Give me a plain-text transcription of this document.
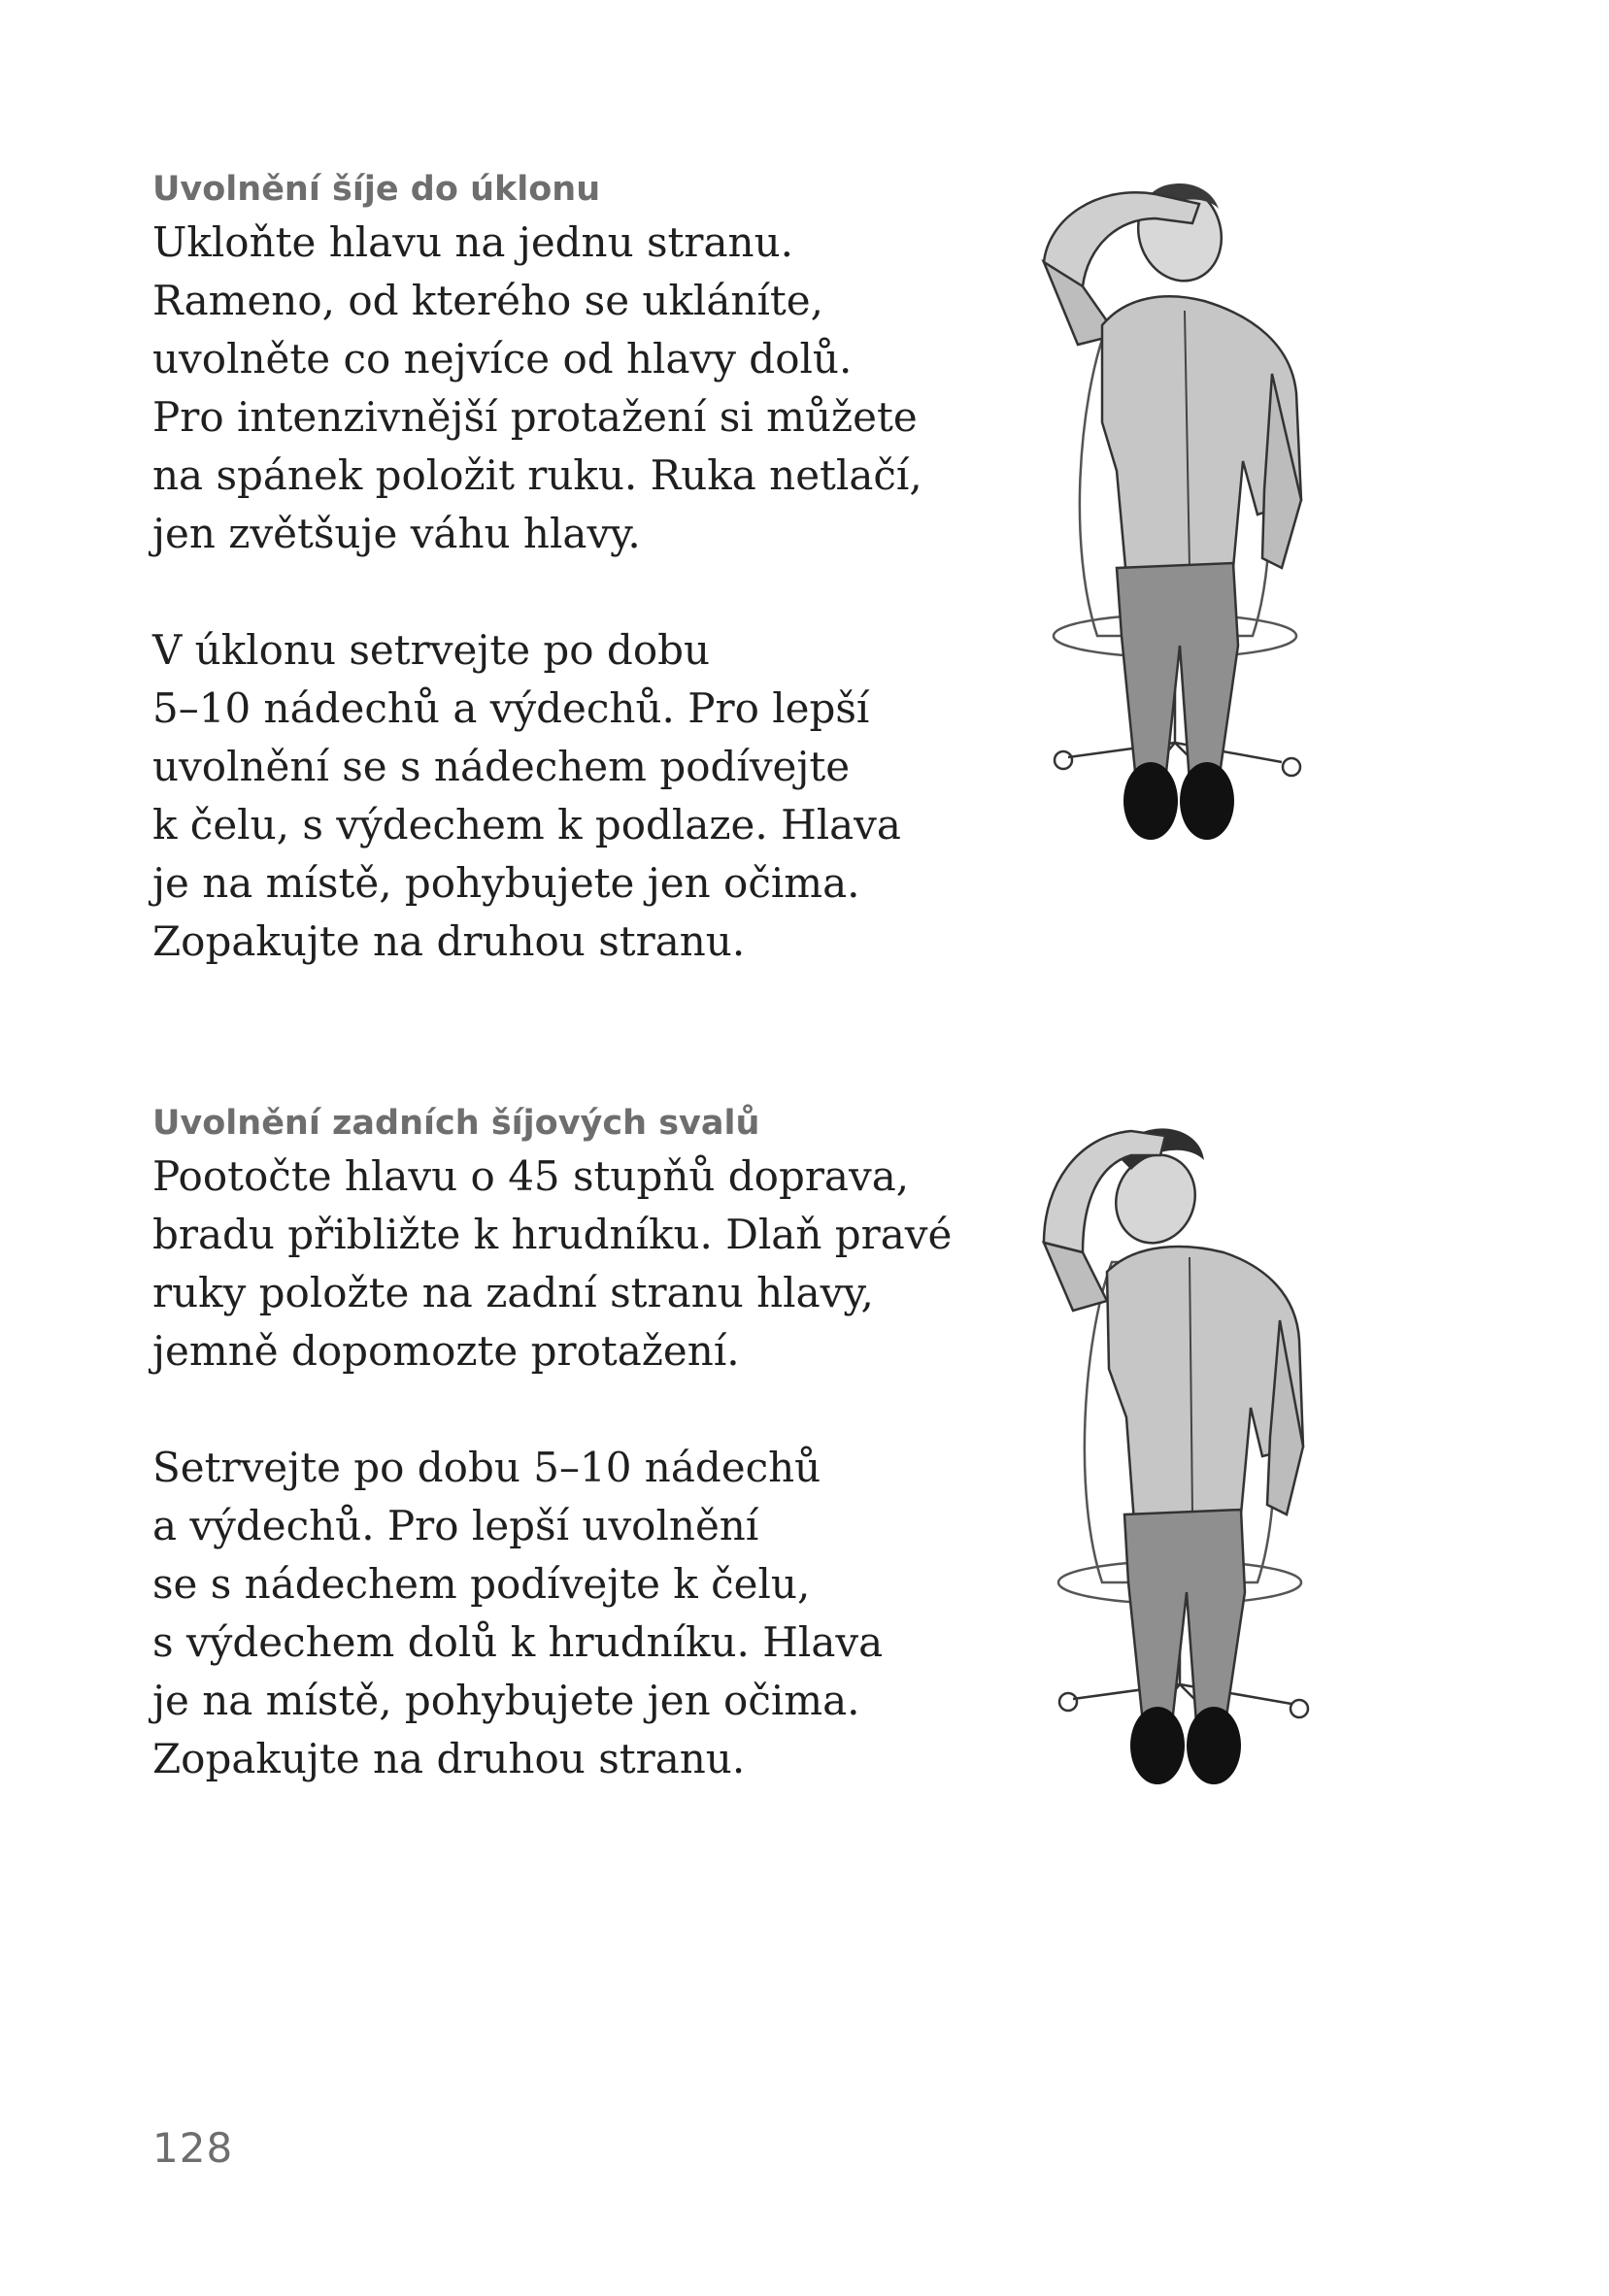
Uvolnění šíje do úklonu

Ukloňte hlavu na jednu stranu.
Rameno, od kterého se ukláníte,
uvolněte co nejvíce od hlavy dolů.
Pro intenzivnější protažení si můžete
na spánek položit ruku. Ruka netlačí,
jen zvětšuje váhu hlavy.

V úklonu setrvejte po dobu
5–10 nádechů a výdechů. Pro lepší
uvolnění se s nádechem podívejte
k čelu, s výdechem k podlaze. Hlava
je na místě, pohybujete jen očima.
Zopakujte na druhou stranu.

Uvolnění zadních šíjových svalů

Pootočte hlavu o 45 stupňů doprava,
bradu přibližte k hrudníku. Dlaň pravé
ruky položte na zadní stranu hlavy,
jemně dopomozte protažení.

Setrvejte po dobu 5–10 nádechů
a výdechů. Pro lepší uvolnění
se s nádechem podívejte k čelu,
s výdechem dolů k hrudníku. Hlava
je na místě, pohybujete jen očima.
Zopakujte na druhou stranu.

128
